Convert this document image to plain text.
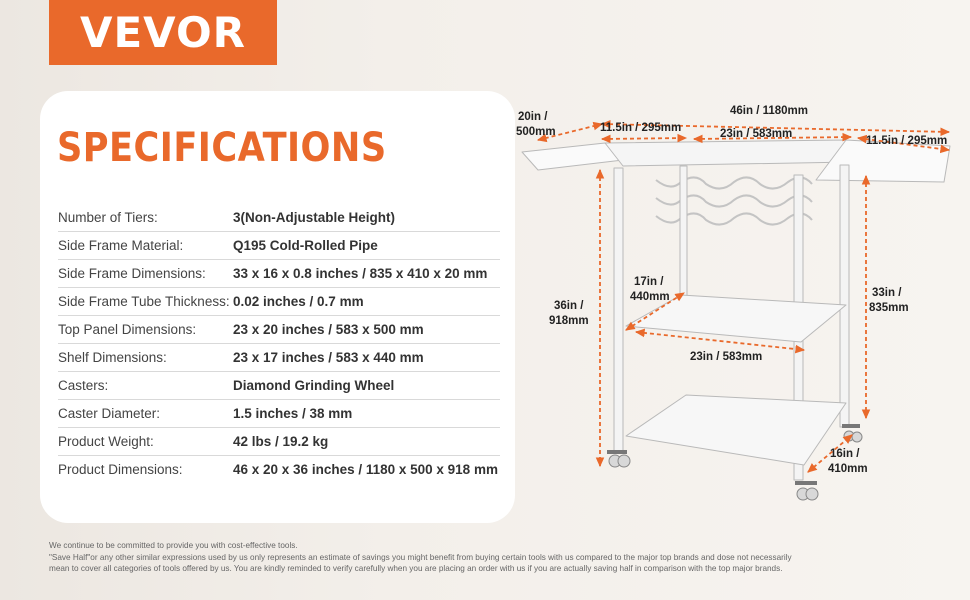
VEVOR
SPECIFICATIONS
Number of Tiers:	3(Non-Adjustable Height)
Side Frame Material:	Q195 Cold-Rolled Pipe
Side Frame Dimensions: 33 x 16 x 0.8 inches / 835 x 410 x 20 mm
Side Frame Tube Thickness: 0.02 inches / 0.7 mm
Top Panel Dimensions:	23 x 20 inches / 583 x 500 mm
Shelf Dimensions:	23 x 17 inches / 583 x 440 mm
Casters:	Diamond Grinding Wheel
Caster Diameter:	1.5 inches / 38 mm
Product Weight:	42 lbs / 19.2 kg
Product Dimensions:	46 x 20 x 36 inches / 1180 x 500 x 918 mm
20in /
500mm
46in / 1180mm
11.5in / 295mm	23in / 583mm
11.5in / 295mm
17in /
440mm
36in /
918mm
33in /
835mm
23in / 583mm
16in /
410mm
We continue to be committed to provide you with cost-effective tools.
"Save Half"or any other similar expressions used by us only represents an estimate of savings you might benefit from buying certain tools with us compared to the major top brands and dose not necessarily
mean to cover all categories of tools offered by us. You are kindly reminded to verify carefully when you are placing an order with us if you are actually saving half in comparison with the top major brands.
